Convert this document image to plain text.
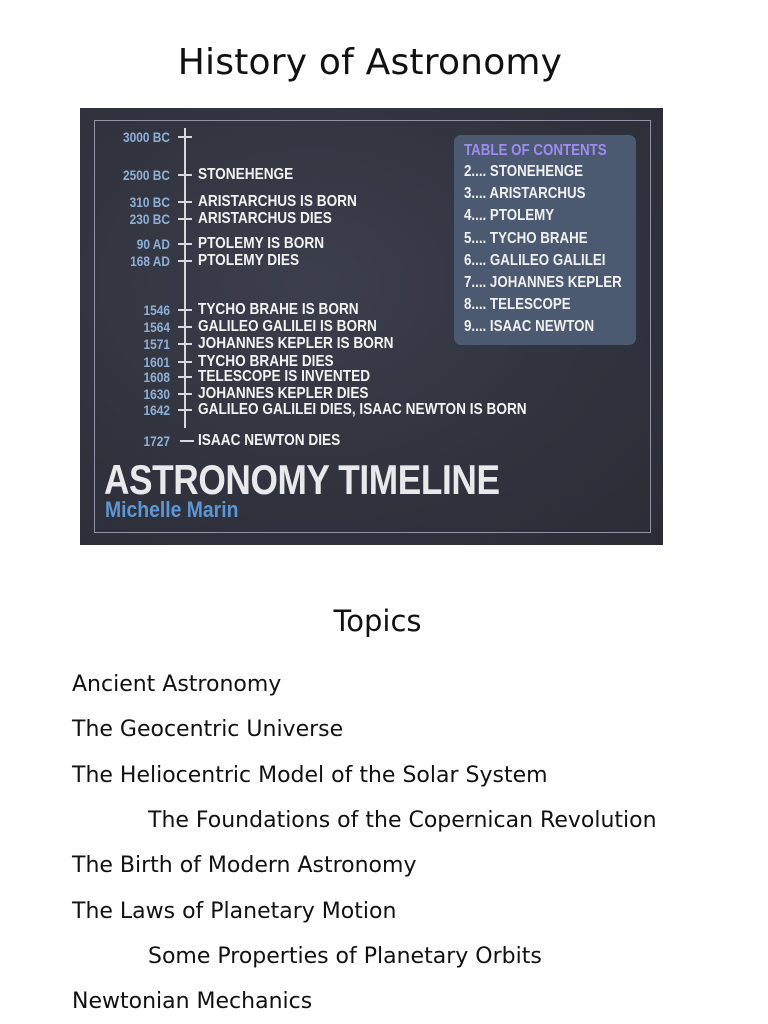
History of Astronomy
3000 BC
2500 BC STONEHENGE
310 BC ARISTARCHUS IS BORN
230 BC ARISTARCHUS DIES
90 AD PTOLEMY IS BORN
168 AD PTOLEMY DIES
1546 TYCHO BRAHE IS BORN
1564 GALILEO GALILEI IS BORN
1571 JOHANNES KEPLER IS BORN
1601 TYCHO BRAHE DIES
1608 TELESCOPE IS INVENTED
1630 JOHANNES KEPLER DIES
1642 GALILEO GALILEI DIES, ISAAC NEWTON IS BORN
1727 ISAAC NEWTON DIES
TABLE OF CONTENTS
2.... STONEHENGE
3.... ARISTARCHUS
4.... PTOLEMY
5.... TYCHO BRAHE
6.... GALILEO GALILEI
7.... JOHANNES KEPLER
8.... TELESCOPE
9.... ISAAC NEWTON
ASTRONOMY TIMELINE
Michelle Marin
Topics
Ancient Astronomy
The Geocentric Universe
The Heliocentric Model of the Solar System
The Foundations of the Copernican Revolution
The Birth of Modern Astronomy
The Laws of Planetary Motion
Some Properties of Planetary Orbits
Newtonian Mechanics
